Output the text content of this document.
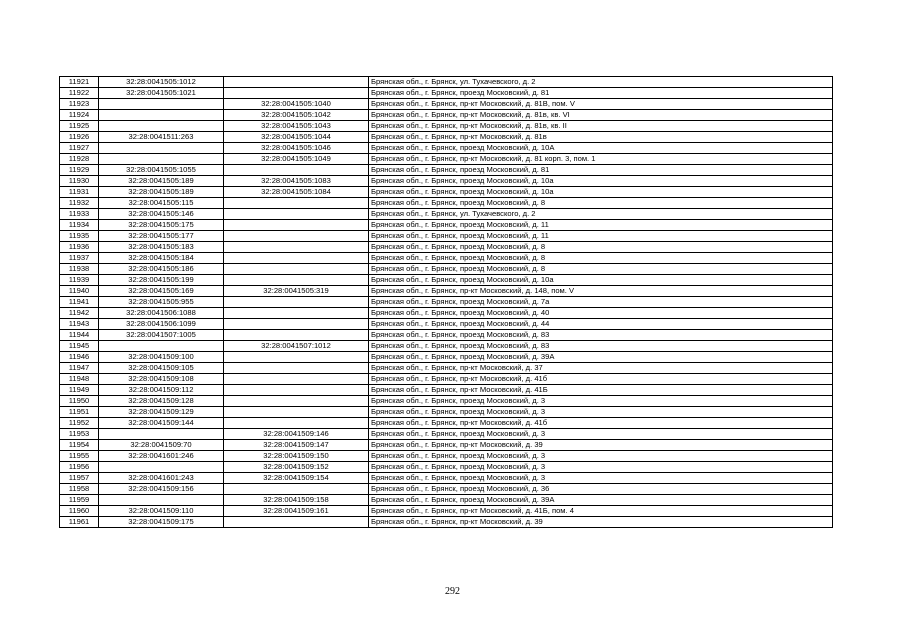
11921	32:28:0041505:1012		Брянская обл., г. Брянск, ул. Тухачевского, д. 2
11922	32:28:0041505:1021		Брянская обл., г. Брянск, проезд Московский, д. 81
11923		32:28:0041505:1040	Брянская обл., г. Брянск, пр-кт Московский, д. 81В, пом. V
11924		32:28:0041505:1042	Брянская обл., г. Брянск, пр-кт Московский, д. 81в, кв. VI
11925		32:28:0041505:1043	Брянская обл., г. Брянск, пр-кт Московский, д. 81в, кв. II
11926	32:28:0041511:263	32:28:0041505:1044	Брянская обл., г. Брянск, пр-кт Московский, д. 81в
11927		32:28:0041505:1046	Брянская обл., г. Брянск, проезд Московский, д. 10А
11928		32:28:0041505:1049	Брянская обл., г. Брянск, пр-кт Московский, д. 81 корп. 3, пом. 1
11929	32:28:0041505:1055		Брянская обл., г. Брянск, проезд Московский, д. 81
11930	32:28:0041505:189	32:28:0041505:1083	Брянская обл., г. Брянск, проезд Московский, д. 10а
11931	32:28:0041505:189	32:28:0041505:1084	Брянская обл., г. Брянск, проезд Московский, д. 10а
11932	32:28:0041505:115		Брянская обл., г. Брянск, проезд Московский, д. 8
11933	32:28:0041505:146		Брянская обл., г. Брянск, ул. Тухачевского, д. 2
11934	32:28:0041505:175		Брянская обл., г. Брянск, проезд Московский, д. 11
11935	32:28:0041505:177		Брянская обл., г. Брянск, проезд Московский, д. 11
11936	32:28:0041505:183		Брянская обл., г. Брянск, проезд Московский, д. 8
11937	32:28:0041505:184		Брянская обл., г. Брянск, проезд Московский, д. 8
11938	32:28:0041505:186		Брянская обл., г. Брянск, проезд Московский, д. 8
11939	32:28:0041505:199		Брянская обл., г. Брянск, проезд Московский, д. 10а
11940	32:28:0041505:169	32:28:0041505:319	Брянская обл., г. Брянск, пр-кт Московский, д. 148, пом. V
11941	32:28:0041505:955		Брянская обл., г. Брянск, проезд Московский, д. 7а
11942	32:28:0041506:1088		Брянская обл., г. Брянск, проезд Московский, д. 40
11943	32:28:0041506:1099		Брянская обл., г. Брянск, проезд Московский, д. 44
11944	32:28:0041507:1005		Брянская обл., г. Брянск, проезд Московский, д. 83
11945		32:28:0041507:1012	Брянская обл., г. Брянск, проезд Московский, д. 83
11946	32:28:0041509:100		Брянская обл., г. Брянск, проезд Московский, д. 39А
11947	32:28:0041509:105		Брянская обл., г. Брянск, пр-кт Московский, д. 37
11948	32:28:0041509:108		Брянская обл., г. Брянск, пр-кт Московский, д. 41б
11949	32:28:0041509:112		Брянская обл., г. Брянск, пр-кт Московский, д. 41Б
11950	32:28:0041509:128		Брянская обл., г. Брянск, проезд Московский, д. 3
11951	32:28:0041509:129		Брянская обл., г. Брянск, проезд Московский, д. 3
11952	32:28:0041509:144		Брянская обл., г. Брянск, пр-кт Московский, д. 41б
11953		32:28:0041509:146	Брянская обл., г. Брянск, проезд Московский, д. 3
11954	32:28:0041509:70	32:28:0041509:147	Брянская обл., г. Брянск, пр-кт Московский, д. 39
11955	32:28:0041601:246	32:28:0041509:150	Брянская обл., г. Брянск, проезд Московский, д. 3
11956		32:28:0041509:152	Брянская обл., г. Брянск, проезд Московский, д. 3
11957	32:28:0041601:243	32:28:0041509:154	Брянская обл., г. Брянск, проезд Московский, д. 3
11958	32:28:0041509:156		Брянская обл., г. Брянск, проезд Московский, д. 36
11959		32:28:0041509:158	Брянская обл., г. Брянск, проезд Московский, д. 39А
11960	32:28:0041509:110	32:28:0041509:161	Брянская обл., г. Брянск, пр-кт Московский, д. 41Б, пом. 4
11961	32:28:0041509:175		Брянская обл., г. Брянск, пр-кт Московский, д. 39
292
